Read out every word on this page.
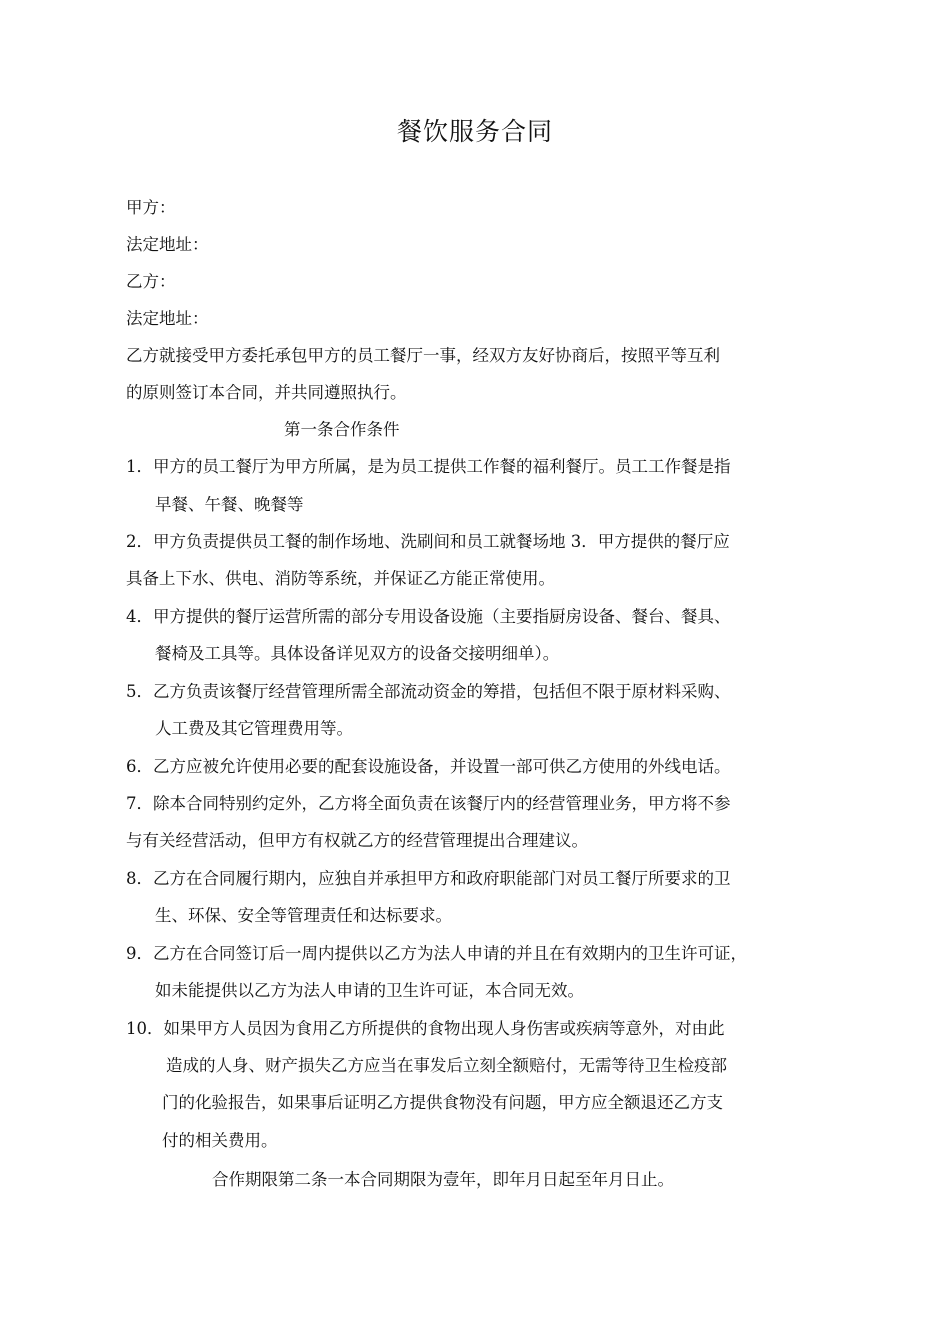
餐饮服务合同
甲方：
法定地址：
乙方：
法定地址：
乙方就接受甲方委托承包甲方的员工餐厅一事，经双方友好协商后，按照平等互利
的原则签订本合同，并共同遵照执行。
第一条合作条件
1．甲方的员工餐厅为甲方所属，是为员工提供工作餐的福利餐厅。员工工作餐是指
早餐、午餐、晚餐等
2．甲方负责提供员工餐的制作场地、洗刷间和员工就餐场地 3．甲方提供的餐厅应
具备上下水、供电、消防等系统，并保证乙方能正常使用。
4．甲方提供的餐厅运营所需的部分专用设备设施（主要指厨房设备、餐台、餐具、
餐椅及工具等。具体设备详见双方的设备交接明细单）。
5．乙方负责该餐厅经营管理所需全部流动资金的筹措，包括但不限于原材料采购、
人工费及其它管理费用等。
6．乙方应被允许使用必要的配套设施设备，并设置一部可供乙方使用的外线电话。
7．除本合同特别约定外，乙方将全面负责在该餐厅内的经营管理业务，甲方将不参
与有关经营活动，但甲方有权就乙方的经营管理提出合理建议。
8．乙方在合同履行期内，应独自并承担甲方和政府职能部门对员工餐厅所要求的卫
生、环保、安全等管理责任和达标要求。
9．乙方在合同签订后一周内提供以乙方为法人申请的并且在有效期内的卫生许可证，
如未能提供以乙方为法人申请的卫生许可证，本合同无效。
10．如果甲方人员因为食用乙方所提供的食物出现人身伤害或疾病等意外，对由此
造成的人身、财产损失乙方应当在事发后立刻全额赔付，无需等待卫生检疫部
门的化验报告，如果事后证明乙方提供食物没有问题，甲方应全额退还乙方支
付的相关费用。
合作期限第二条一本合同期限为壹年，即年月日起至年月日止。
